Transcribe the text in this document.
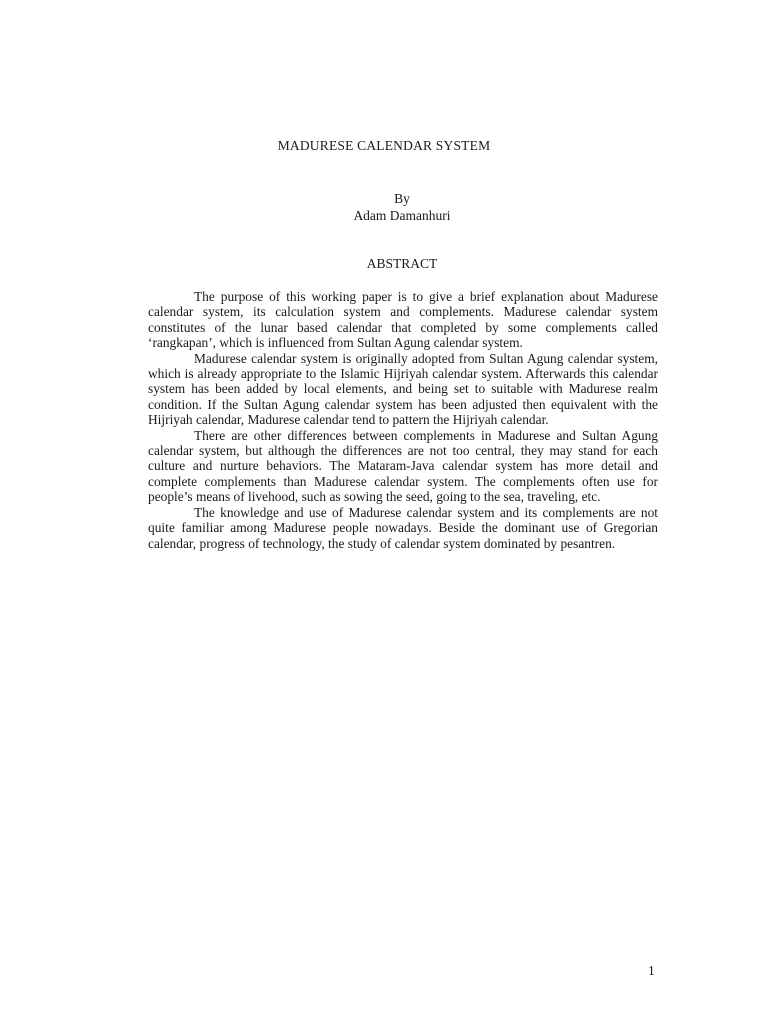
MADURESE CALENDAR SYSTEM
By
Adam Damanhuri
ABSTRACT

The purpose of this working paper is to give a brief explanation about Madurese calendar system, its calculation system and complements. Madurese calendar system constitutes of the lunar based calendar that completed by some complements called ‘rangkapan’, which is influenced from Sultan Agung calendar system.

Madurese calendar system is originally adopted from Sultan Agung calendar system, which is already appropriate to the Islamic Hijriyah calendar system. Afterwards this calendar system has been added by local elements, and being set to suitable with Madurese realm condition. If the Sultan Agung calendar system has been adjusted then equivalent with the Hijriyah calendar, Madurese calendar tend to pattern the Hijriyah calendar.

There are other differences between complements in Madurese and Sultan Agung calendar system, but although the differences are not too central, they may stand for each culture and nurture behaviors. The Mataram-Java calendar system has more detail and complete complements than Madurese calendar system. The complements often use for people’s means of livehood, such as sowing the seed, going to the sea, traveling, etc.

The knowledge and use of Madurese calendar system and its complements are not quite familiar among Madurese people nowadays. Beside the dominant use of Gregorian calendar, progress of technology, the study of calendar system dominated by pesantren.

1
